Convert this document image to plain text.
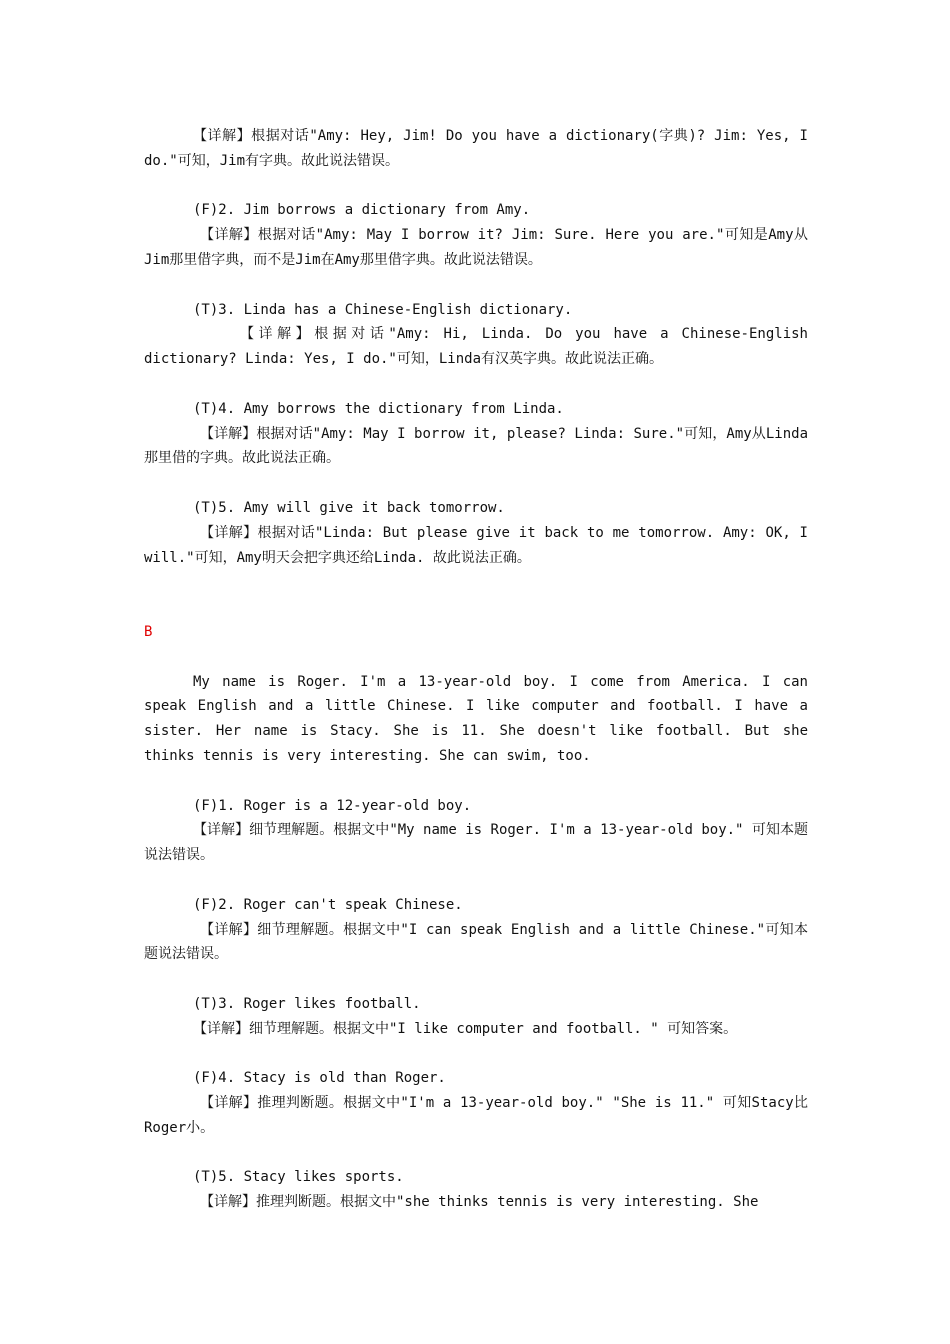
【详解】根据对话"Amy: Hey, Jim! Do you have a dictionary(字典)? Jim: Yes, I do."可知，Jim有字典。故此说法错误。

(F)2. Jim borrows a dictionary from Amy.

【详解】根据对话"Amy: May I borrow it? Jim: Sure. Here you are."可知是Amy从Jim那里借字典，而不是Jim在Amy那里借字典。故此说法错误。

(T)3. Linda has a Chinese-English dictionary.

【详解】根据对话"Amy: Hi, Linda. Do you have a Chinese-English dictionary? Linda: Yes, I do."可知，Linda有汉英字典。故此说法正确。

(T)4. Amy borrows the dictionary from Linda.

【详解】根据对话"Amy: May I borrow it, please? Linda: Sure."可知，Amy从Linda那里借的字典。故此说法正确。

(T)5. Amy will give it back tomorrow.

【详解】根据对话"Linda: But please give it back to me tomorrow. Amy: OK, I will."可知，Amy明天会把字典还给Linda. 故此说法正确。

B

My name is Roger. I'm a 13-year-old boy. I come from America. I can speak English and a little Chinese. I like computer and football. I have a sister. Her name is Stacy. She is 11. She doesn't like football. But she thinks tennis is very interesting. She can swim, too.

(F)1. Roger is a 12-year-old boy.

【详解】细节理解题。根据文中"My name is Roger. I'm a 13-year-old boy." 可知本题说法错误。

(F)2. Roger can't speak Chinese.

【详解】细节理解题。根据文中"I can speak English and a little Chinese."可知本题说法错误。

(T)3. Roger likes football.

【详解】细节理解题。根据文中"I like computer and football. " 可知答案。

(F)4. Stacy is old than Roger.

【详解】推理判断题。根据文中"I'm a 13-year-old boy." "She is 11." 可知Stacy比Roger小。

(T)5. Stacy likes sports.

【详解】推理判断题。根据文中"she thinks tennis is very interesting. She
